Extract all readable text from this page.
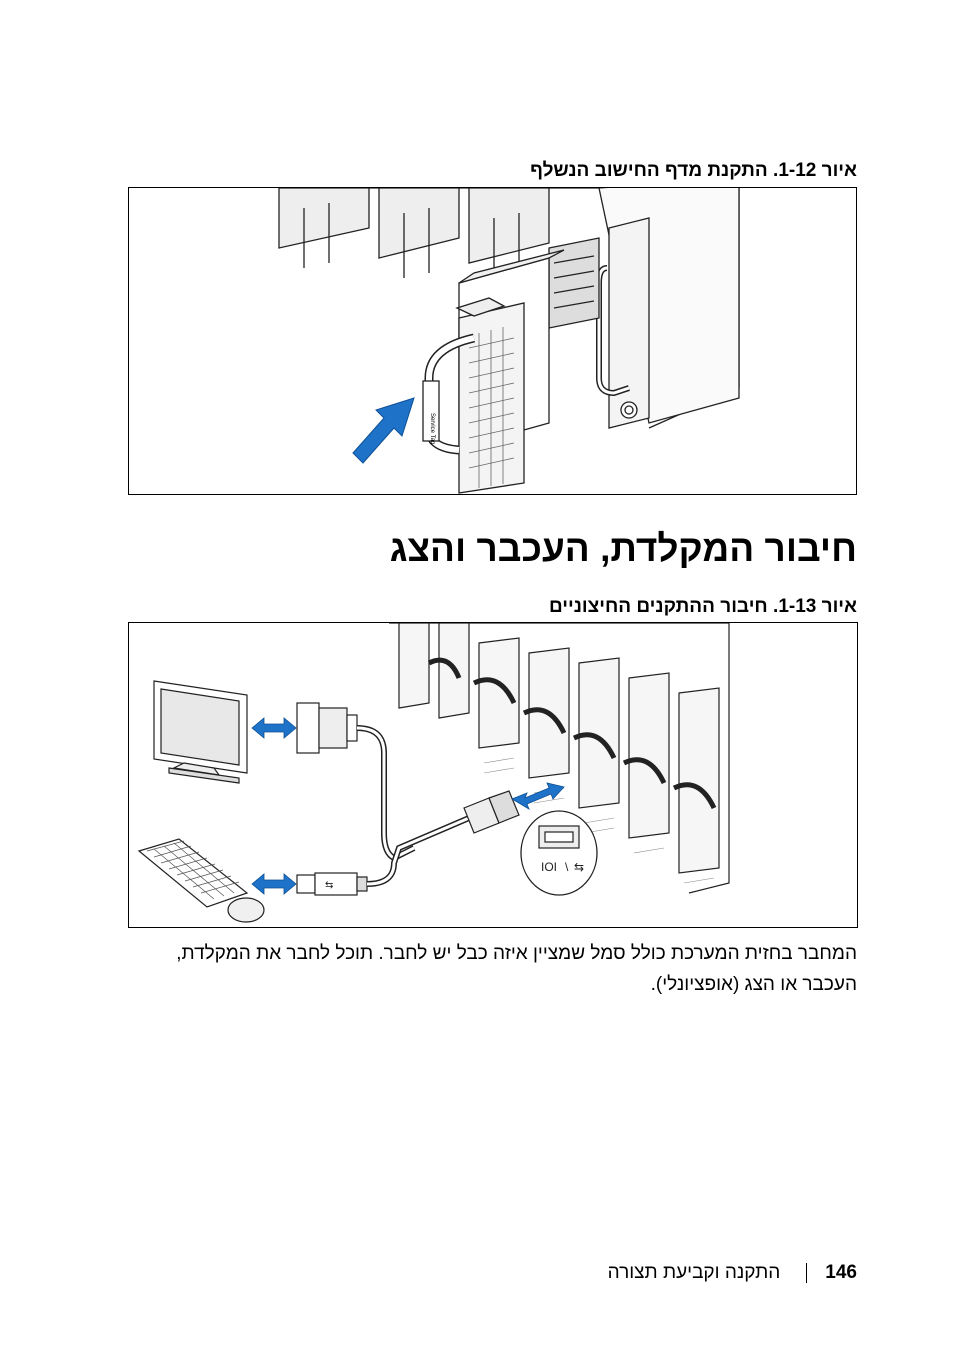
איור 1-12. התקנת מדף החישוב הנשלף
Service Tag
חיבור המקלדת, העכבר והצג
איור 1-13. חיבור ההתקנים החיצוניים
⇆
IOI \ ⇆
המחבר בחזית המערכת כולל סמל שמציין איזה כבל יש לחבר. תוכל לחבר את המקלדת, העכבר או הצג (אופציונלי).
התקנה וקביעת תצורה 146
